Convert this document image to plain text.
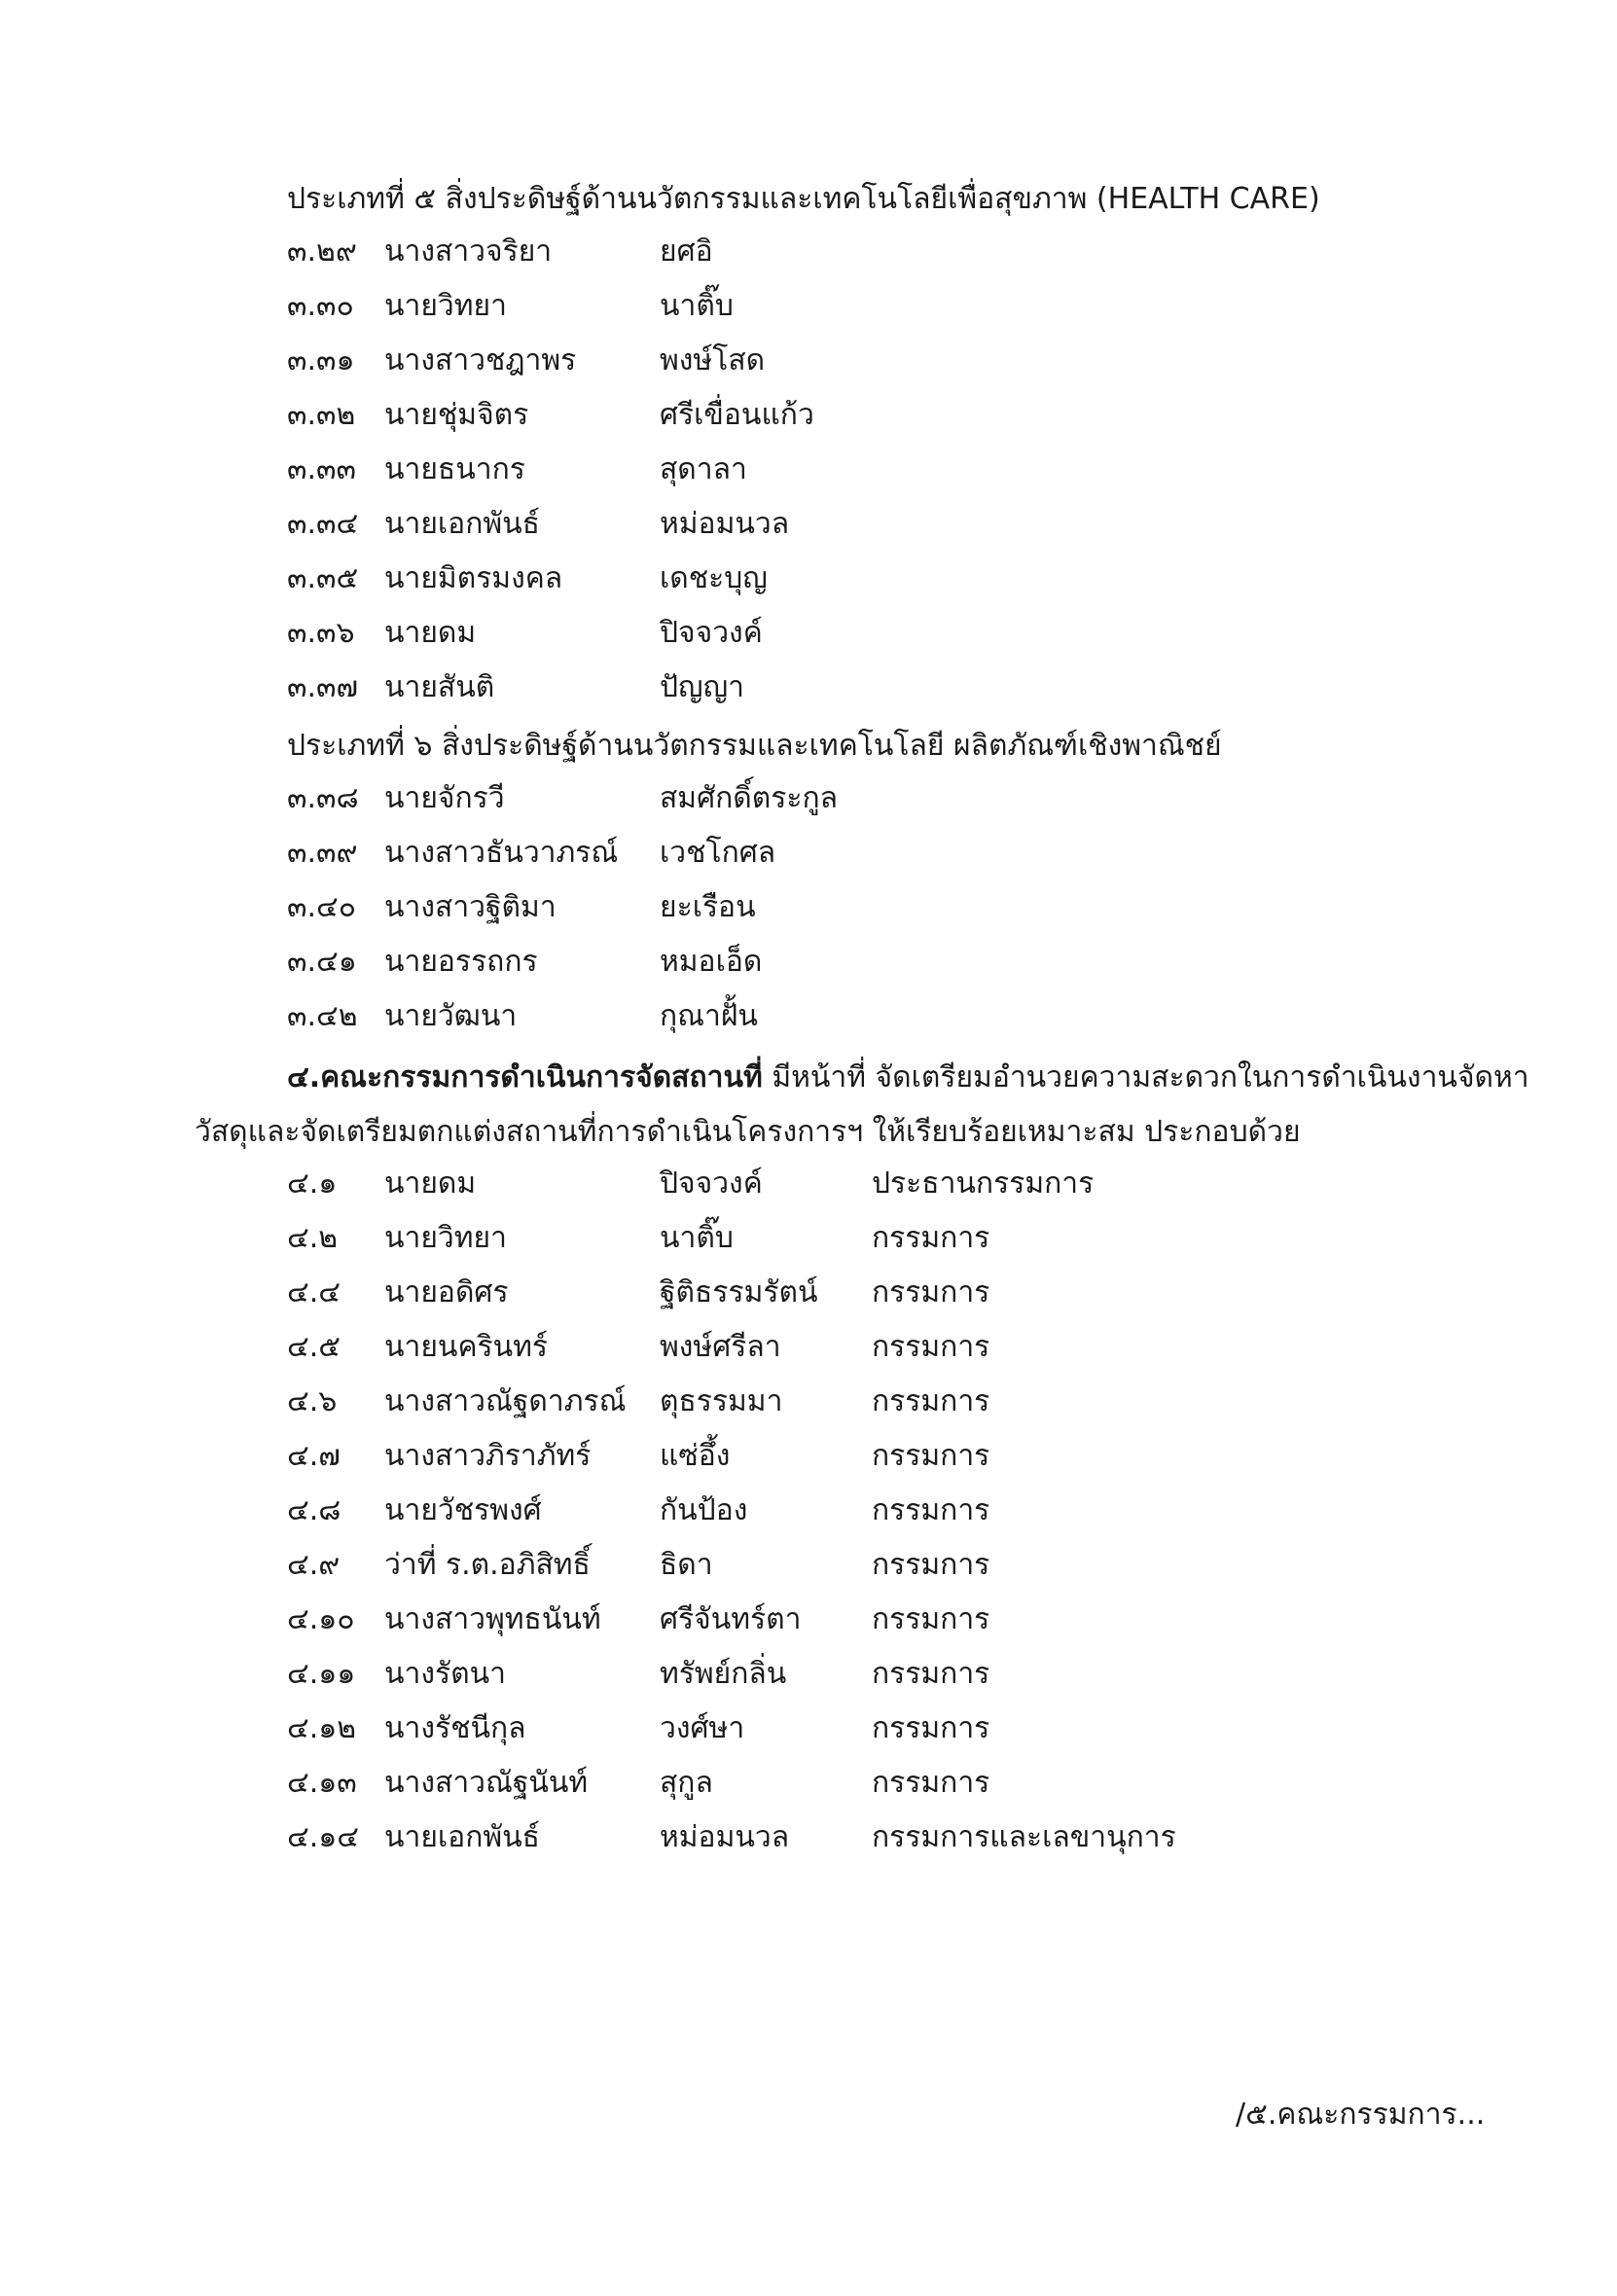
ประเภทที่ ๕ สิ่งประดิษฐ์ด้านนวัตกรรมและเทคโนโลยีเพื่อสุขภาพ (HEALTH CARE)
๓.๒๙ นางสาวจริยา	ยศอิ
๓.๓๐ นายวิทยา	นาติ๊บ
๓.๓๑ นางสาวชฎาพร	พงษ์โสด
๓.๓๒ นายชุ่มจิตร	ศรีเขื่อนแก้ว
๓.๓๓ นายธนากร	สุดาลา
๓.๓๔ นายเอกพันธ์	หม่อมนวล
๓.๓๕ นายมิตรมงคล	เดชะบุญ
๓.๓๖ นายดม	ปิจจวงค์
๓.๓๗ นายสันติ	ปัญญา
ประเภทที่ ๖ สิ่งประดิษฐ์ด้านนวัตกรรมและเทคโนโลยี ผลิตภัณฑ์เชิงพาณิชย์
๓.๓๘ นายจักรวี	สมศักดิ์ตระกูล
๓.๓๙ นางสาวธันวาภรณ์ เวชโกศล
๓.๔๐ นางสาวฐิติมา	ยะเรือน
๓.๔๑ นายอรรถกร	หมอเอ็ด
๓.๔๒ นายวัฒนา	กุณาฝั้น
๔.คณะกรรมการดำเนินการจัดสถานที่ มีหน้าที่ จัดเตรียมอำนวยความสะดวกในการดำเนินงานจัดหา
วัสดุและจัดเตรียมตกแต่งสถานที่การดำเนินโครงการฯ ให้เรียบร้อยเหมาะสม ประกอบด้วย
๔.๑ นายดม	ปิจจวงค์	ประธานกรรมการ
๔.๒ นายวิทยา	นาติ๊บ	กรรมการ
๔.๔ นายอดิศร	ฐิติธรรมรัตน์ กรรมการ
๔.๕ นายนครินทร์	พงษ์ศรีลา	กรรมการ
๔.๖ นางสาวณัฐดาภรณ์ ตุธรรมมา	กรรมการ
๔.๗ นางสาวภิราภัทร์ แซ่อึ้ง	กรรมการ
๔.๘ นายวัชรพงศ์	กันป้อง	กรรมการ
๔.๙ ว่าที่ ร.ต.อภิสิทธิ์ ธิดา	กรรมการ
๔.๑๐ นางสาวพุทธนันท์ ศรีจันทร์ตา กรรมการ
๔.๑๑ นางรัตนา	ทรัพย์กลิ่น	กรรมการ
๔.๑๒ นางรัชนีกุล	วงศ์ษา	กรรมการ
๔.๑๓ นางสาวณัฐนันท์ สุกูล	กรรมการ
๔.๑๔ นายเอกพันธ์	หม่อมนวล	กรรมการและเลขานุการ
/๕.คณะกรรมการ...
